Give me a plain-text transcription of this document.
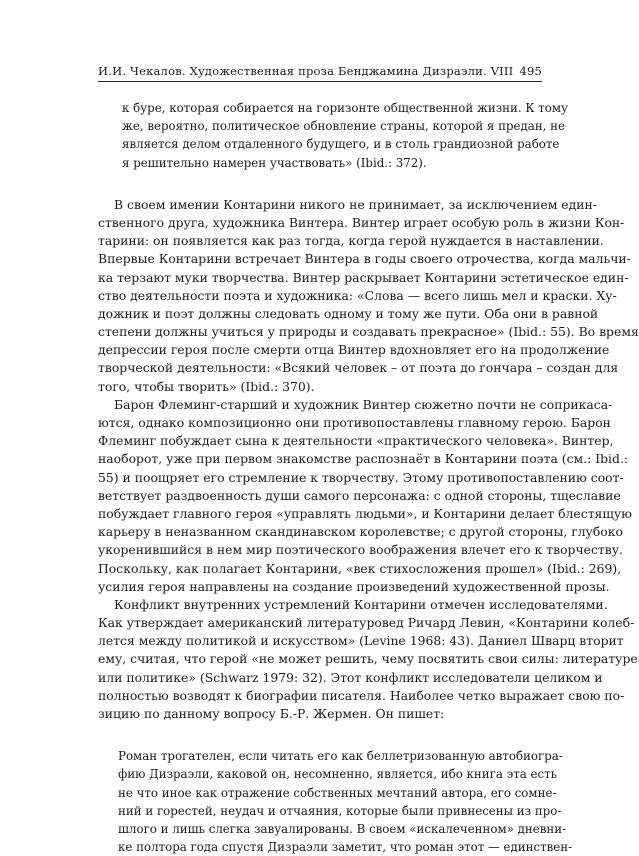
И.И. Чекалов. Художественная проза Бенджамина Дизраэли. VIII 495
к буре, которая собирается на горизонте общественной жизни. К тому
же, вероятно, политическое обновление страны, которой я предан, не
является делом отдаленного будущего, и в столь грандиозной работе
я решительно намерен участвовать» (Ibid.: 372).
В своем имении Контарини никого не принимает, за исключением един-
ственного друга, художника Винтера. Винтер играет особую роль в жизни Кон-
тарини: он появляется как раз тогда, когда герой нуждается в наставлении.
Впервые Контарини встречает Винтера в годы своего отрочества, когда мальчи-
ка терзают муки творчества. Винтер раскрывает Контарини эстетическое един-
ство деятельности поэта и художника: «Слова — всего лишь мел и краски. Ху-
дожник и поэт должны следовать одному и тому же пути. Оба они в равной
степени должны учиться у природы и создавать прекрасное» (Ibid.: 55). Во время
депрессии героя после смерти отца Винтер вдохновляет его на продолжение
творческой деятельности: «Всякий человек – от поэта до гончара – создан для
того, чтобы творить» (Ibid.: 370).
Барон Флеминг-старший и художник Винтер сюжетно почти не соприкаса-
ются, однако композиционно они противопоставлены главному герою. Барон
Флеминг побуждает сына к деятельности «практического человека». Винтер,
наоборот, уже при первом знакомстве распознаёт в Контарини поэта (см.: Ibid.:
55) и поощряет его стремление к творчеству. Этому противопоставлению соот-
ветствует раздвоенность души самого персонажа: с одной стороны, тщеславие
побуждает главного героя «управлять людьми», и Контарини делает блестящую
карьеру в неназванном скандинавском королевстве; с другой стороны, глубоко
укоренившийся в нем мир поэтического воображения влечет его к творчеству.
Поскольку, как полагает Контарини, «век стихосложения прошел» (Ibid.: 269),
усилия героя направлены на создание произведений художественной прозы.
Конфликт внутренних устремлений Контарини отмечен исследователями.
Как утверждает американский литературовед Ричард Левин, «Контарини колеб-
лется между политикой и искусством» (Levine 1968: 43). Даниел Шварц вторит
ему, считая, что герой «не может решить, чему посвятить свои силы: литературе
или политике» (Schwarz 1979: 32). Этот конфликт исследователи целиком и
полностью возводят к биографии писателя. Наиболее четко выражает свою по-
зицию по данному вопросу Б.-Р. Жермен. Он пишет:
Роман трогателен, если читать его как беллетризованную автобиогра-
фию Дизраэли, каковой он, несомненно, является, ибо книга эта есть
не что иное как отражение собственных мечтаний автора, его сомне-
ний и горестей, неудач и отчаяния, которые были привнесены из про-
шлого и лишь слегка завуалированы. В своем «искалеченном» дневни-
ке полтора года спустя Дизраэли заметит, что роман этот — единствен-
